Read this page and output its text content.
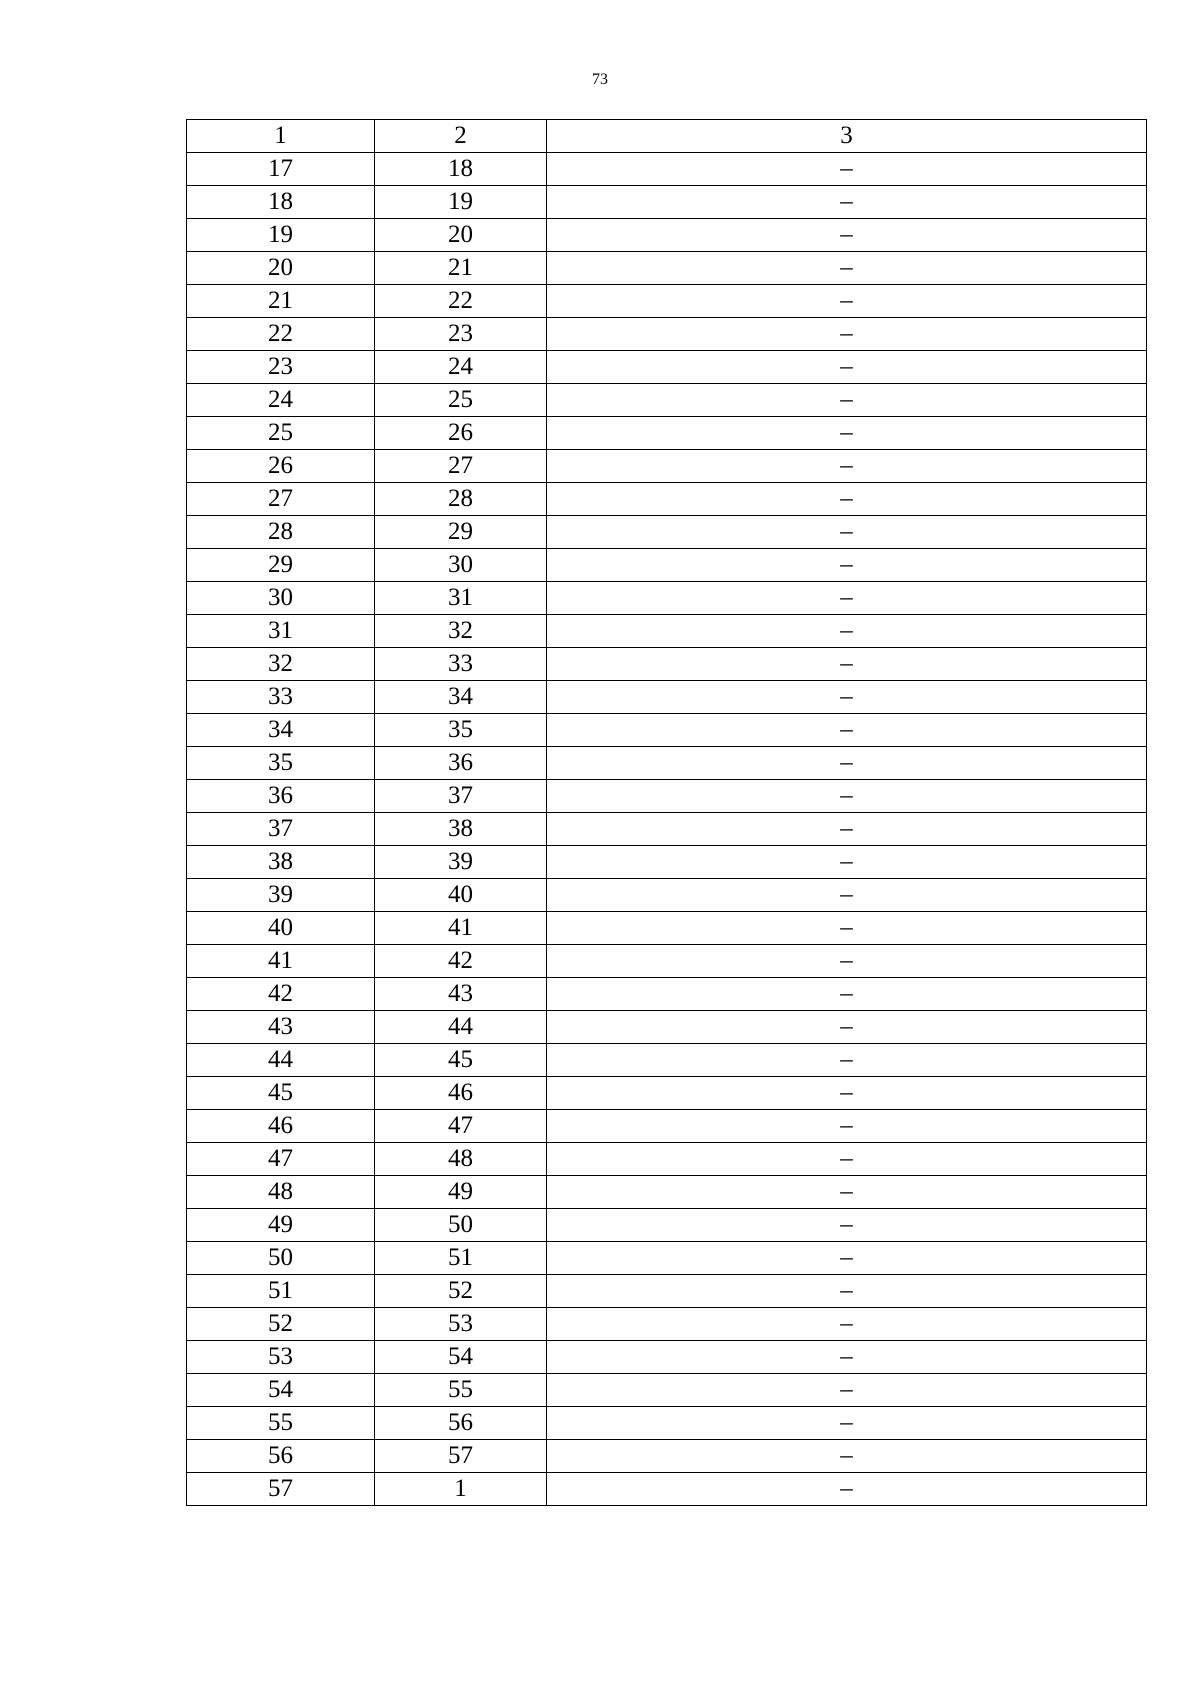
73
1	2	3
17	18	–
18	19	–
19	20	–
20	21	–
21	22	–
22	23	–
23	24	–
24	25	–
25	26	–
26	27	–
27	28	–
28	29	–
29	30	–
30	31	–
31	32	–
32	33	–
33	34	–
34	35	–
35	36	–
36	37	–
37	38	–
38	39	–
39	40	–
40	41	–
41	42	–
42	43	–
43	44	–
44	45	–
45	46	–
46	47	–
47	48	–
48	49	–
49	50	–
50	51	–
51	52	–
52	53	–
53	54	–
54	55	–
55	56	–
56	57	–
57	1	–
